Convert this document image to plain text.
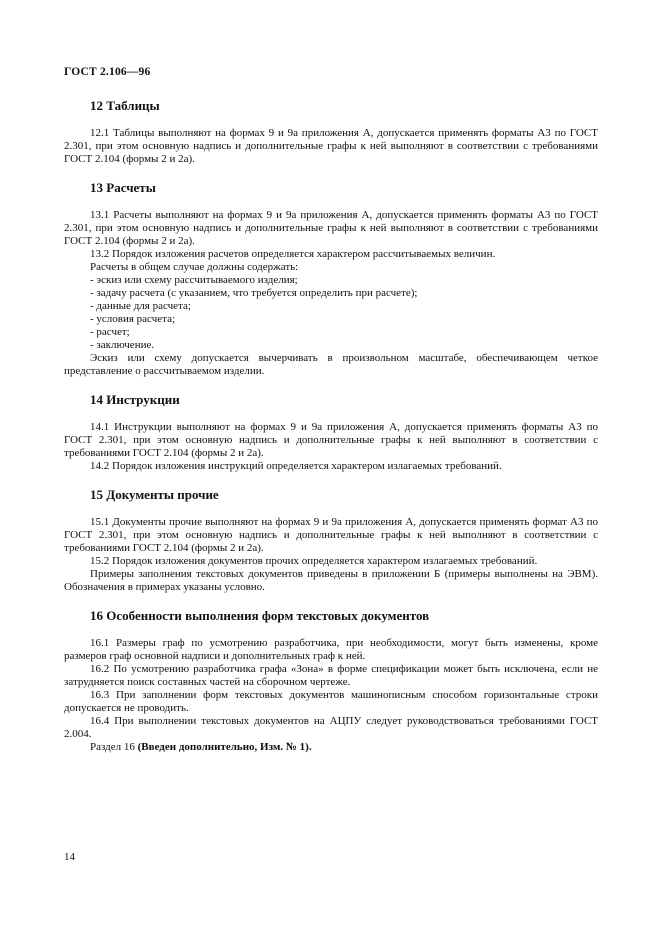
ГОСТ 2.106—96
12 Таблицы

12.1 Таблицы выполняют на формах 9 и 9а приложения А, допускается применять форматы А3 по ГОСТ 2.301, при этом основную надпись и дополнительные графы к ней выполняют в соответствии с требованиями ГОСТ 2.104 (формы 2 и 2а).

13 Расчеты

13.1 Расчеты выполняют на формах 9 и 9а приложения А, допускается применять форматы А3 по ГОСТ 2.301, при этом основную надпись и дополнительные графы к ней выполняют в соответствии с требованиями ГОСТ 2.104 (формы 2 и 2а).

13.2 Порядок изложения расчетов определяется характером рассчитываемых величин.

Расчеты в общем случае должны содержать:

- эскиз или схему рассчитываемого изделия;

- задачу расчета (с указанием, что требуется определить при расчете);

- данные для расчета;

- условия расчета;

- расчет;

- заключение.

Эскиз или схему допускается вычерчивать в произвольном масштабе, обеспечивающем четкое представление о рассчитываемом изделии.

14 Инструкции

14.1 Инструкции выполняют на формах 9 и 9а приложения А, допускается применять форматы А3 по ГОСТ 2.301, при этом основную надпись и дополнительные графы к ней выполняют в соответствии с требованиями ГОСТ 2.104 (формы 2 и 2а).

14.2 Порядок изложения инструкций определяется характером излагаемых требований.

15 Документы прочие

15.1 Документы прочие выполняют на формах 9 и 9а приложения А, допускается применять формат А3 по ГОСТ 2.301, при этом основную надпись и дополнительные графы к ней выполняют в соответствии с требованиями ГОСТ 2.104 (формы 2 и 2а).

15.2 Порядок изложения документов прочих определяется характером излагаемых требований.

Примеры заполнения текстовых документов приведены в приложении Б (примеры выполнены на ЭВМ). Обозначения в примерах указаны условно.

16 Особенности выполнения форм текстовых документов

16.1 Размеры граф по усмотрению разработчика, при необходимости, могут быть изменены, кроме размеров граф основной надписи и дополнительных граф к ней.

16.2 По усмотрению разработчика графа «Зона» в форме спецификации может быть исключена, если не затрудняется поиск составных частей на сборочном чертеже.

16.3 При заполнении форм текстовых документов машинописным способом горизонтальные строки допускается не проводить.

16.4 При выполнении текстовых документов на АЦПУ следует руководствоваться требованиями ГОСТ 2.004.

Раздел 16 (Введен дополнительно, Изм. № 1).

14
